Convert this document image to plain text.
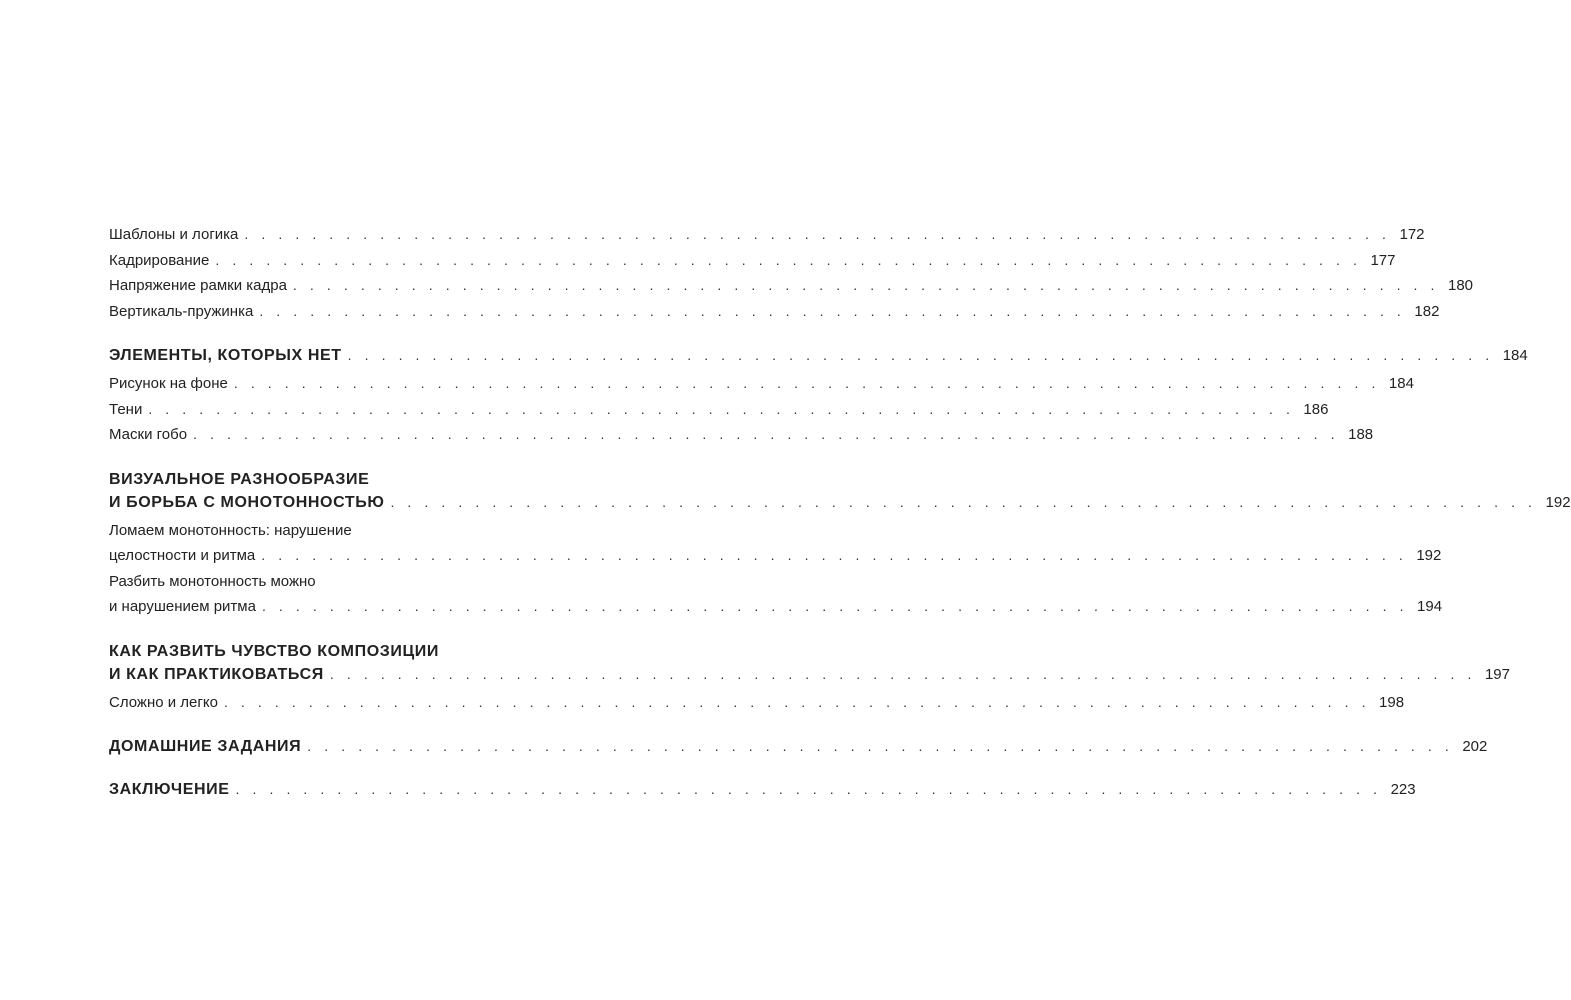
Шаблоны и логика . . . . . . . . . . . . . . . . . . . . . . . . . . . . . . . . . . . . . . . . . . . . . . . . . . . . . . . . . . . . . . . . . . . . 172
Кадрирование . . . . . . . . . . . . . . . . . . . . . . . . . . . . . . . . . . . . . . . . . . . . . . . . . . . . . . . . . . . . . . . . . . . . 177
Напряжение рамки кадра . . . . . . . . . . . . . . . . . . . . . . . . . . . . . . . . . . . . . . . . . . . . . . . . . . . . . . . . . . . . . . . . . . . . 180
Вертикаль-пружинка . . . . . . . . . . . . . . . . . . . . . . . . . . . . . . . . . . . . . . . . . . . . . . . . . . . . . . . . . . . . . . . . . . . . 182
ЭЛЕМЕНТЫ, КОТОРЫХ НЕТ . . . . . . . . . . . . . . . . . . . . . . . . . . . . . . . . . . . . . . . . . . . . . . . . . . . . . . . . . . . . . . . . . . . . 184
Рисунок на фоне . . . . . . . . . . . . . . . . . . . . . . . . . . . . . . . . . . . . . . . . . . . . . . . . . . . . . . . . . . . . . . . . . . . . 184
Тени . . . . . . . . . . . . . . . . . . . . . . . . . . . . . . . . . . . . . . . . . . . . . . . . . . . . . . . . . . . . . . . . . . . . 186
Маски гобо . . . . . . . . . . . . . . . . . . . . . . . . . . . . . . . . . . . . . . . . . . . . . . . . . . . . . . . . . . . . . . . . . . . . 188
ВИЗУАЛЬНОЕ РАЗНООБРАЗИЕ
И БОРЬБА С МОНОТОННОСТЬЮ . . . . . . . . . . . . . . . . . . . . . . . . . . . . . . . . . . . . . . . . . . . . . . . . . . . . . . . . . . . . . . . . . . . . 192
Ломаем монотонность: нарушение
целостности и ритма . . . . . . . . . . . . . . . . . . . . . . . . . . . . . . . . . . . . . . . . . . . . . . . . . . . . . . . . . . . . . . . . . . . . 192
Разбить монотонность можно
и нарушением ритма . . . . . . . . . . . . . . . . . . . . . . . . . . . . . . . . . . . . . . . . . . . . . . . . . . . . . . . . . . . . . . . . . . . . 194
КАК РАЗВИТЬ ЧУВСТВО КОМПОЗИЦИИ
И КАК ПРАКТИКОВАТЬСЯ . . . . . . . . . . . . . . . . . . . . . . . . . . . . . . . . . . . . . . . . . . . . . . . . . . . . . . . . . . . . . . . . . . . . 197
Сложно и легко . . . . . . . . . . . . . . . . . . . . . . . . . . . . . . . . . . . . . . . . . . . . . . . . . . . . . . . . . . . . . . . . . . . . 198
ДОМАШНИЕ ЗАДАНИЯ . . . . . . . . . . . . . . . . . . . . . . . . . . . . . . . . . . . . . . . . . . . . . . . . . . . . . . . . . . . . . . . . . . . . 202
ЗАКЛЮЧЕНИЕ . . . . . . . . . . . . . . . . . . . . . . . . . . . . . . . . . . . . . . . . . . . . . . . . . . . . . . . . . . . . . . . . . . . . 223
